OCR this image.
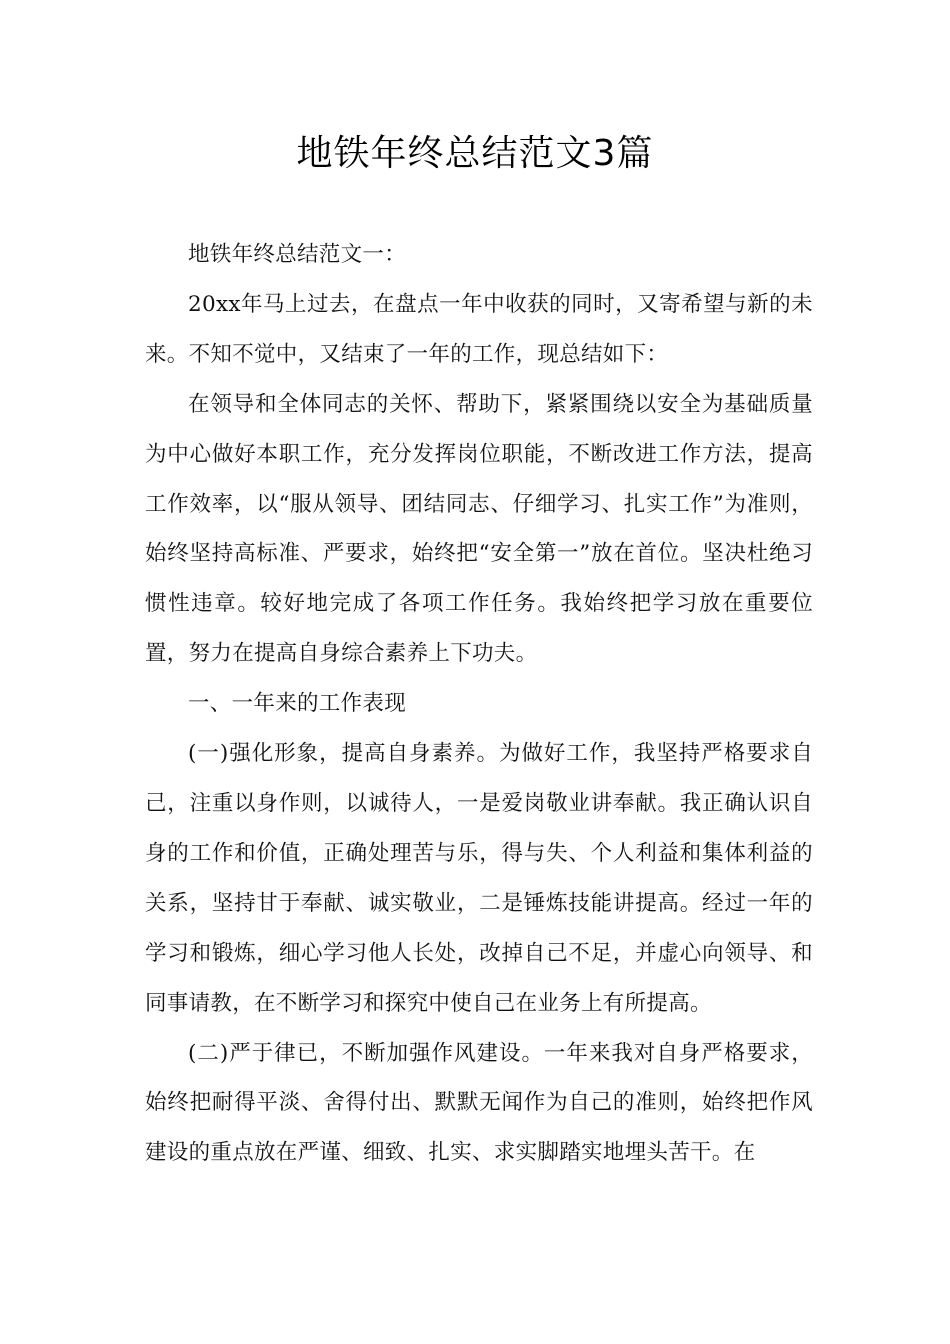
地铁年终总结范文3篇

地铁年终总结范文一：

20xx年马上过去，在盘点一年中收获的同时，又寄希望与新的未来。不知不觉中，又结束了一年的工作，现总结如下：

在领导和全体同志的关怀、帮助下，紧紧围绕以安全为基础质量为中心做好本职工作，充分发挥岗位职能，不断改进工作方法，提高工作效率，以“服从领导、团结同志、仔细学习、扎实工作”为准则，始终坚持高标准、严要求，始终把“安全第一”放在首位。坚决杜绝习惯性违章。较好地完成了各项工作任务。我始终把学习放在重要位置，努力在提高自身综合素养上下功夫。

一、一年来的工作表现

(一)强化形象，提高自身素养。为做好工作，我坚持严格要求自己，注重以身作则，以诚待人，一是爱岗敬业讲奉献。我正确认识自身的工作和价值，正确处理苦与乐，得与失、个人利益和集体利益的关系，坚持甘于奉献、诚实敬业，二是锤炼技能讲提高。经过一年的学习和锻炼，细心学习他人长处，改掉自己不足，并虚心向领导、和同事请教，在不断学习和探究中使自己在业务上有所提高。

(二)严于律已，不断加强作风建设。一年来我对自身严格要求，始终把耐得平淡、舍得付出、默默无闻作为自己的准则，始终把作风建设的重点放在严谨、细致、扎实、求实脚踏实地埋头苦干。在
